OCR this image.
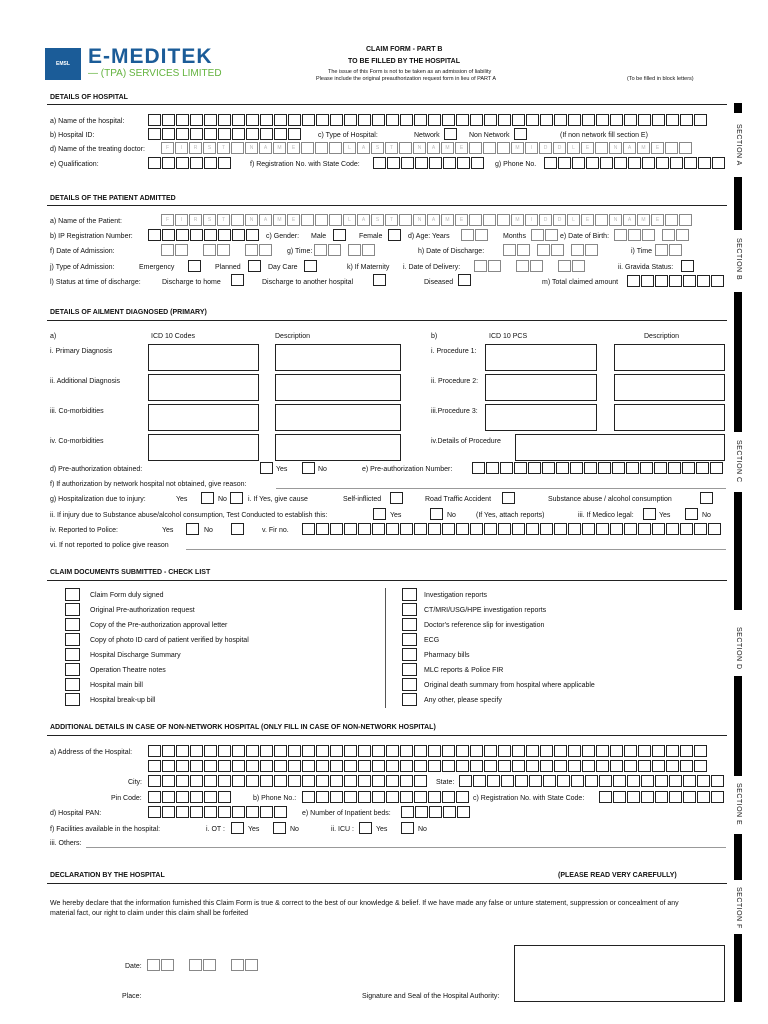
EMSL E-MEDITEK
— (TPA) SERVICES LIMITED
CLAIM FORM - PART B
TO BE FILLED BY THE HOSPITAL
The issue of this Form is not to be taken as an admission of liability
Please include the original preauthorization request form in lieu of PART A	(To be filled in block letters)
SECTION A
SECTION B
SECTION C
SECTION D
SECTION E
SECTION F
DETAILS OF HOSPITAL
a) Name of the hospital:
b) Hospital ID:	c) Type of Hospital:	Network	Non Network	(If non network fill section E)
d) Name of the treating doctor:	F	I	R	S	T	N	A	M	E	L	A	S	T	N	A	M	E	M	I	D	D	L	E	N	A	M	E
e) Qualification:	f) Registration No. with State Code:	g) Phone No.
DETAILS OF THE PATIENT ADMITTED
a) Name of the Patient:	F	I	R	S	T	N	A	M	E	L	A	S	T	N	A	M	E	M	I	D	D	L	E	N	A	M	E
b) IP Registration Number:	c) Gender: Male	Female	d) Age: Years	Months	e) Date of Birth:
f) Date of Admission:	g) Time:	h) Date of Discharge:	i) Time
j) Type of Admission:	Emergency	Planned	Day Care	k) If Maternity i. Date of Delivery:	ii. Gravida Status:
l) Status at time of discharge:	Discharge to home	Discharge to another hospital	Diseased	m) Total claimed amount
DETAILS OF AILMENT DIAGNOSED (PRIMARY)
a)	ICD 10 Codes	Description	b)	ICD 10 PCS	Description
i. Primary Diagnosis	i. Procedure 1:
ii. Additional Diagnosis	ii. Procedure 2:
iii. Co-morbidities	iii.Procedure 3:
iv. Co-morbidities	iv.Details of Procedure
d) Pre-authorization obtained:	Yes	No	e) Pre-authorization Number:
f) If authorization by network hospital not obtained, give reason:
g) Hospitalization due to injury:	Yes	No	i. If Yes, give cause	Self-inflicted	Road Traffic Accident	Substance abuse / alcohol consumption
ii. If injury due to Substance abuse/alcohol consumption, Test Conducted to establish this:	Yes	No	(If Yes, attach reports)	iii. If Medico legal:	Yes	No
iv. Reported to Police:	Yes	No	v. Fir no.
vi. If not reported to police give reason
CLAIM DOCUMENTS SUBMITTED - CHECK LIST
Claim Form duly signed
Original Pre-authorization request
Copy of the Pre-authorization approval letter
Copy of photo ID card of patient verified by hospital
Hospital Discharge Summary
Operation Theatre notes
Hospital main bill
Hospital break-up bill
Investigation reports
CT/MRI/USG/HPE investigation reports
Doctor's reference slip for investigation
ECG
Pharmacy bills
MLC reports & Police FIR
Original death summary from hospital where applicable
Any other, please specify
ADDITIONAL DETAILS IN CASE OF NON-NETWORK HOSPITAL (ONLY FILL IN CASE OF NON-NETWORK HOSPITAL)
a) Address of the Hospital:
City:	State:
Pin Code:	b) Phone No.:	c) Registration No. with State Code:
d) Hospital PAN:	e) Number of Inpatient beds:
f) Facilities available in the hospital:	i. OT :	Yes	No	ii. ICU :	Yes	No
iii. Others:
DECLARATION BY THE HOSPITAL	(PLEASE READ VERY CAREFULLY)
We hereby declare that the information furnished this Claim Form is true & correct to the best of our knowledge & belief. If we have made any false or unture statement, suppression or concealment of any
material fact, our right to claim under this claim shall be forfeited
Date:
Place:	Signature and Seal of the Hospital Authority:
